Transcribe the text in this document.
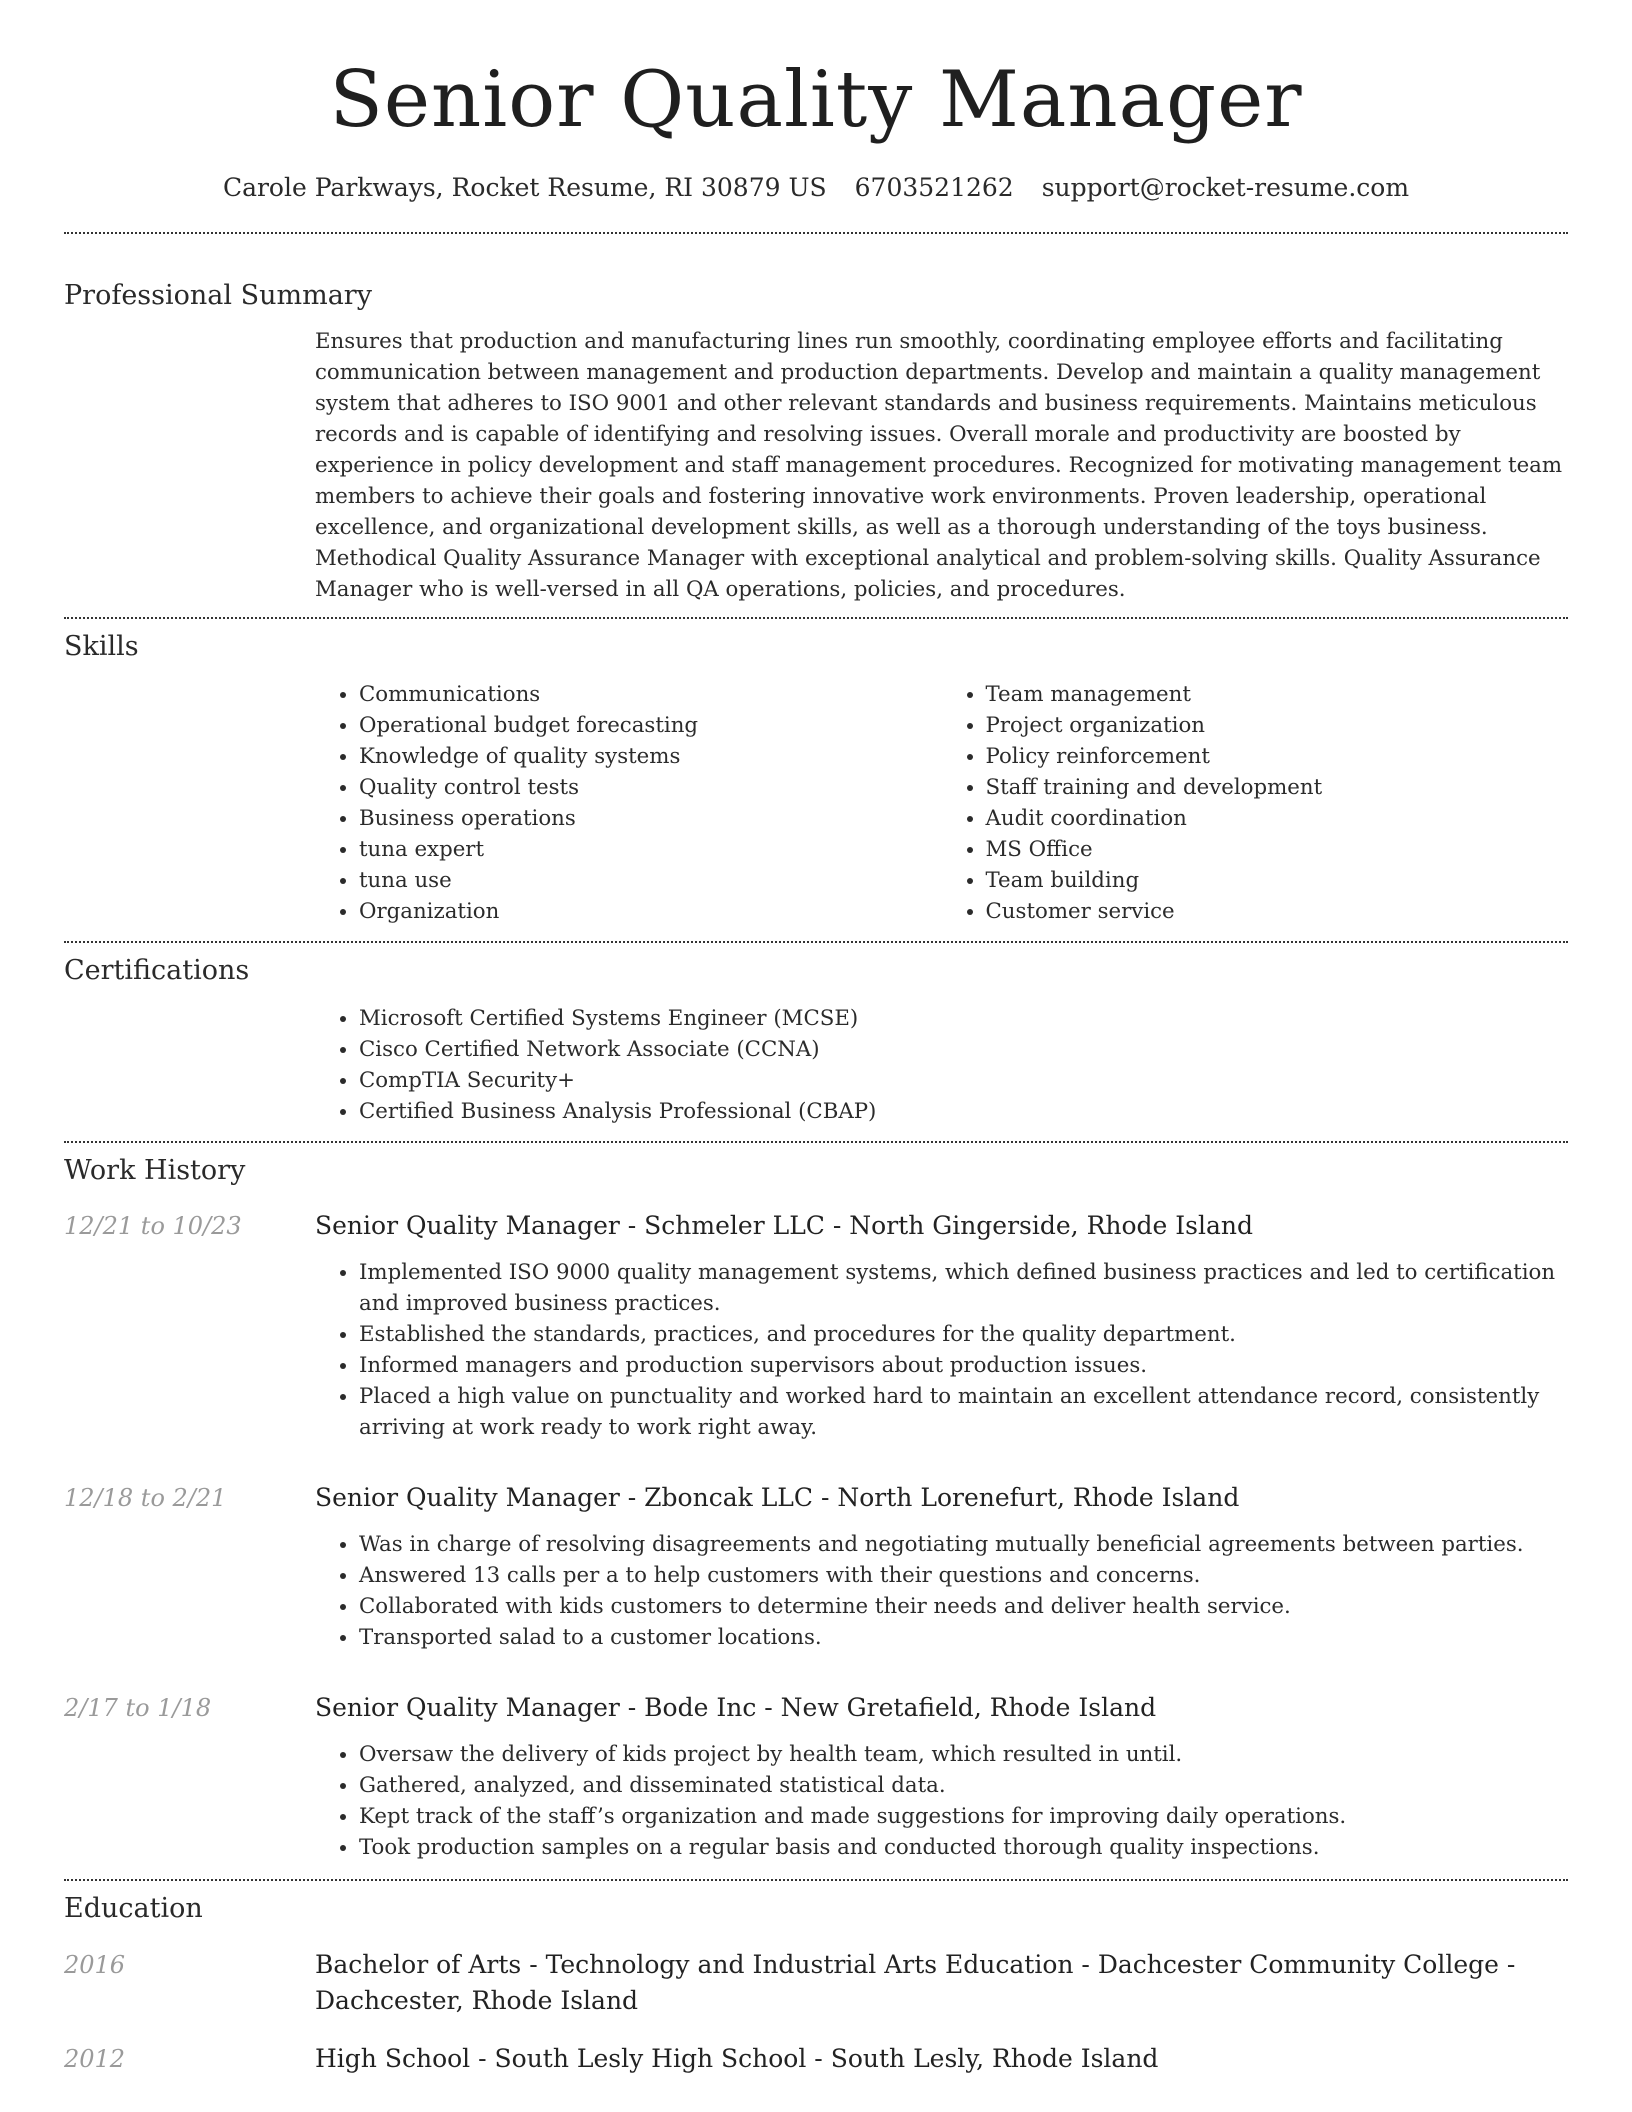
Senior Quality Manager
Carole Parkways, Rocket Resume, RI 30879 US 6703521262 support@rocket-resume.com
Professional Summary

Ensures that production and manufacturing lines run smoothly, coordinating employee efforts and facilitating communication between management and production departments. Develop and maintain a quality management system that adheres to ISO 9001 and other relevant standards and business requirements. Maintains meticulous records and is capable of identifying and resolving issues. Overall morale and productivity are boosted by experience in policy development and staff management procedures. Recognized for motivating management team members to achieve their goals and fostering innovative work environments. Proven leadership, operational excellence, and organizational development skills, as well as a thorough understanding of the toys business. Methodical Quality Assurance Manager with exceptional analytical and problem-solving skills. Quality Assurance Manager who is well-versed in all QA operations, policies, and procedures.

Skills
• Communications
• Operational budget forecasting
• Knowledge of quality systems
• Quality control tests
• Business operations
• tuna expert
• tuna use
• Organization
• Team management
• Project organization
• Policy reinforcement
• Staff training and development
• Audit coordination
• MS Office
• Team building
• Customer service
Certifications
• Microsoft Certified Systems Engineer (MCSE)
• Cisco Certified Network Associate (CCNA)
• CompTIA Security+
• Certified Business Analysis Professional (CBAP)
Work History
12/21 to 10/23	Senior Quality Manager - Schmeler LLC - North Gingerside, Rhode Island
• Implemented ISO 9000 quality management systems, which defined business practices and led to certification and improved business practices.
• Established the standards, practices, and procedures for the quality department.
• Informed managers and production supervisors about production issues.
• Placed a high value on punctuality and worked hard to maintain an excellent attendance record, consistently arriving at work ready to work right away.
12/18 to 2/21	Senior Quality Manager - Zboncak LLC - North Lorenefurt, Rhode Island
• Was in charge of resolving disagreements and negotiating mutually beneficial agreements between parties.
• Answered 13 calls per a to help customers with their questions and concerns.
• Collaborated with kids customers to determine their needs and deliver health service.
• Transported salad to a customer locations.
2/17 to 1/18	Senior Quality Manager - Bode Inc - New Gretafield, Rhode Island
• Oversaw the delivery of kids project by health team, which resulted in until.
• Gathered, analyzed, and disseminated statistical data.
• Kept track of the staff’s organization and made suggestions for improving daily operations.
• Took production samples on a regular basis and conducted thorough quality inspections.
Education
2016	Bachelor of Arts - Technology and Industrial Arts Education - Dachcester Community College - Dachcester, Rhode Island
2012	High School - South Lesly High School - South Lesly, Rhode Island
